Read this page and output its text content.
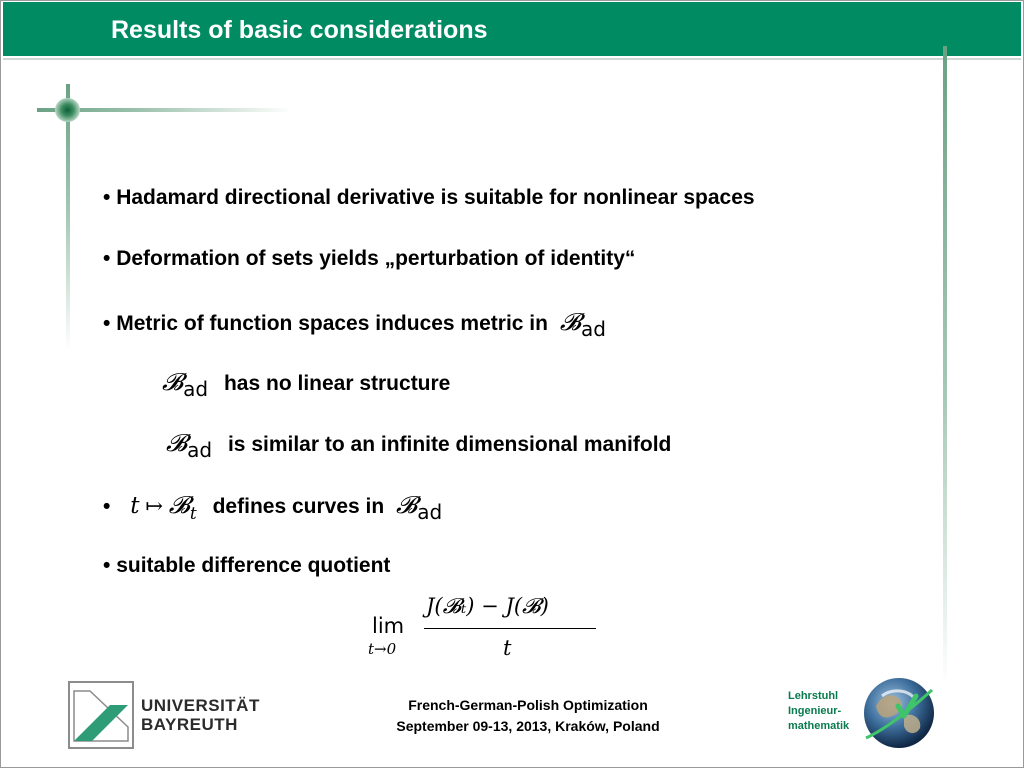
Results of basic considerations
• Hadamard directional derivative is suitable for nonlinear spaces
• Deformation of sets yields „perturbation of identity“
• Metric of function spaces induces metric in 𝓑ad
𝓑ad has no linear structure
𝓑ad is similar to an infinite dimensional manifold
• t ↦ 𝓑$_t$ defines curves in 𝓑ad
• suitable difference quotient
lim
t→0
J(𝓑ₜ) − J(𝓑)
t
French-German-Polish Optimization
September 09-13, 2013, Kraków, Poland
UNIVERSITÄT
BAYREUTH
Lehrstuhl
Ingenieur-
mathematik
